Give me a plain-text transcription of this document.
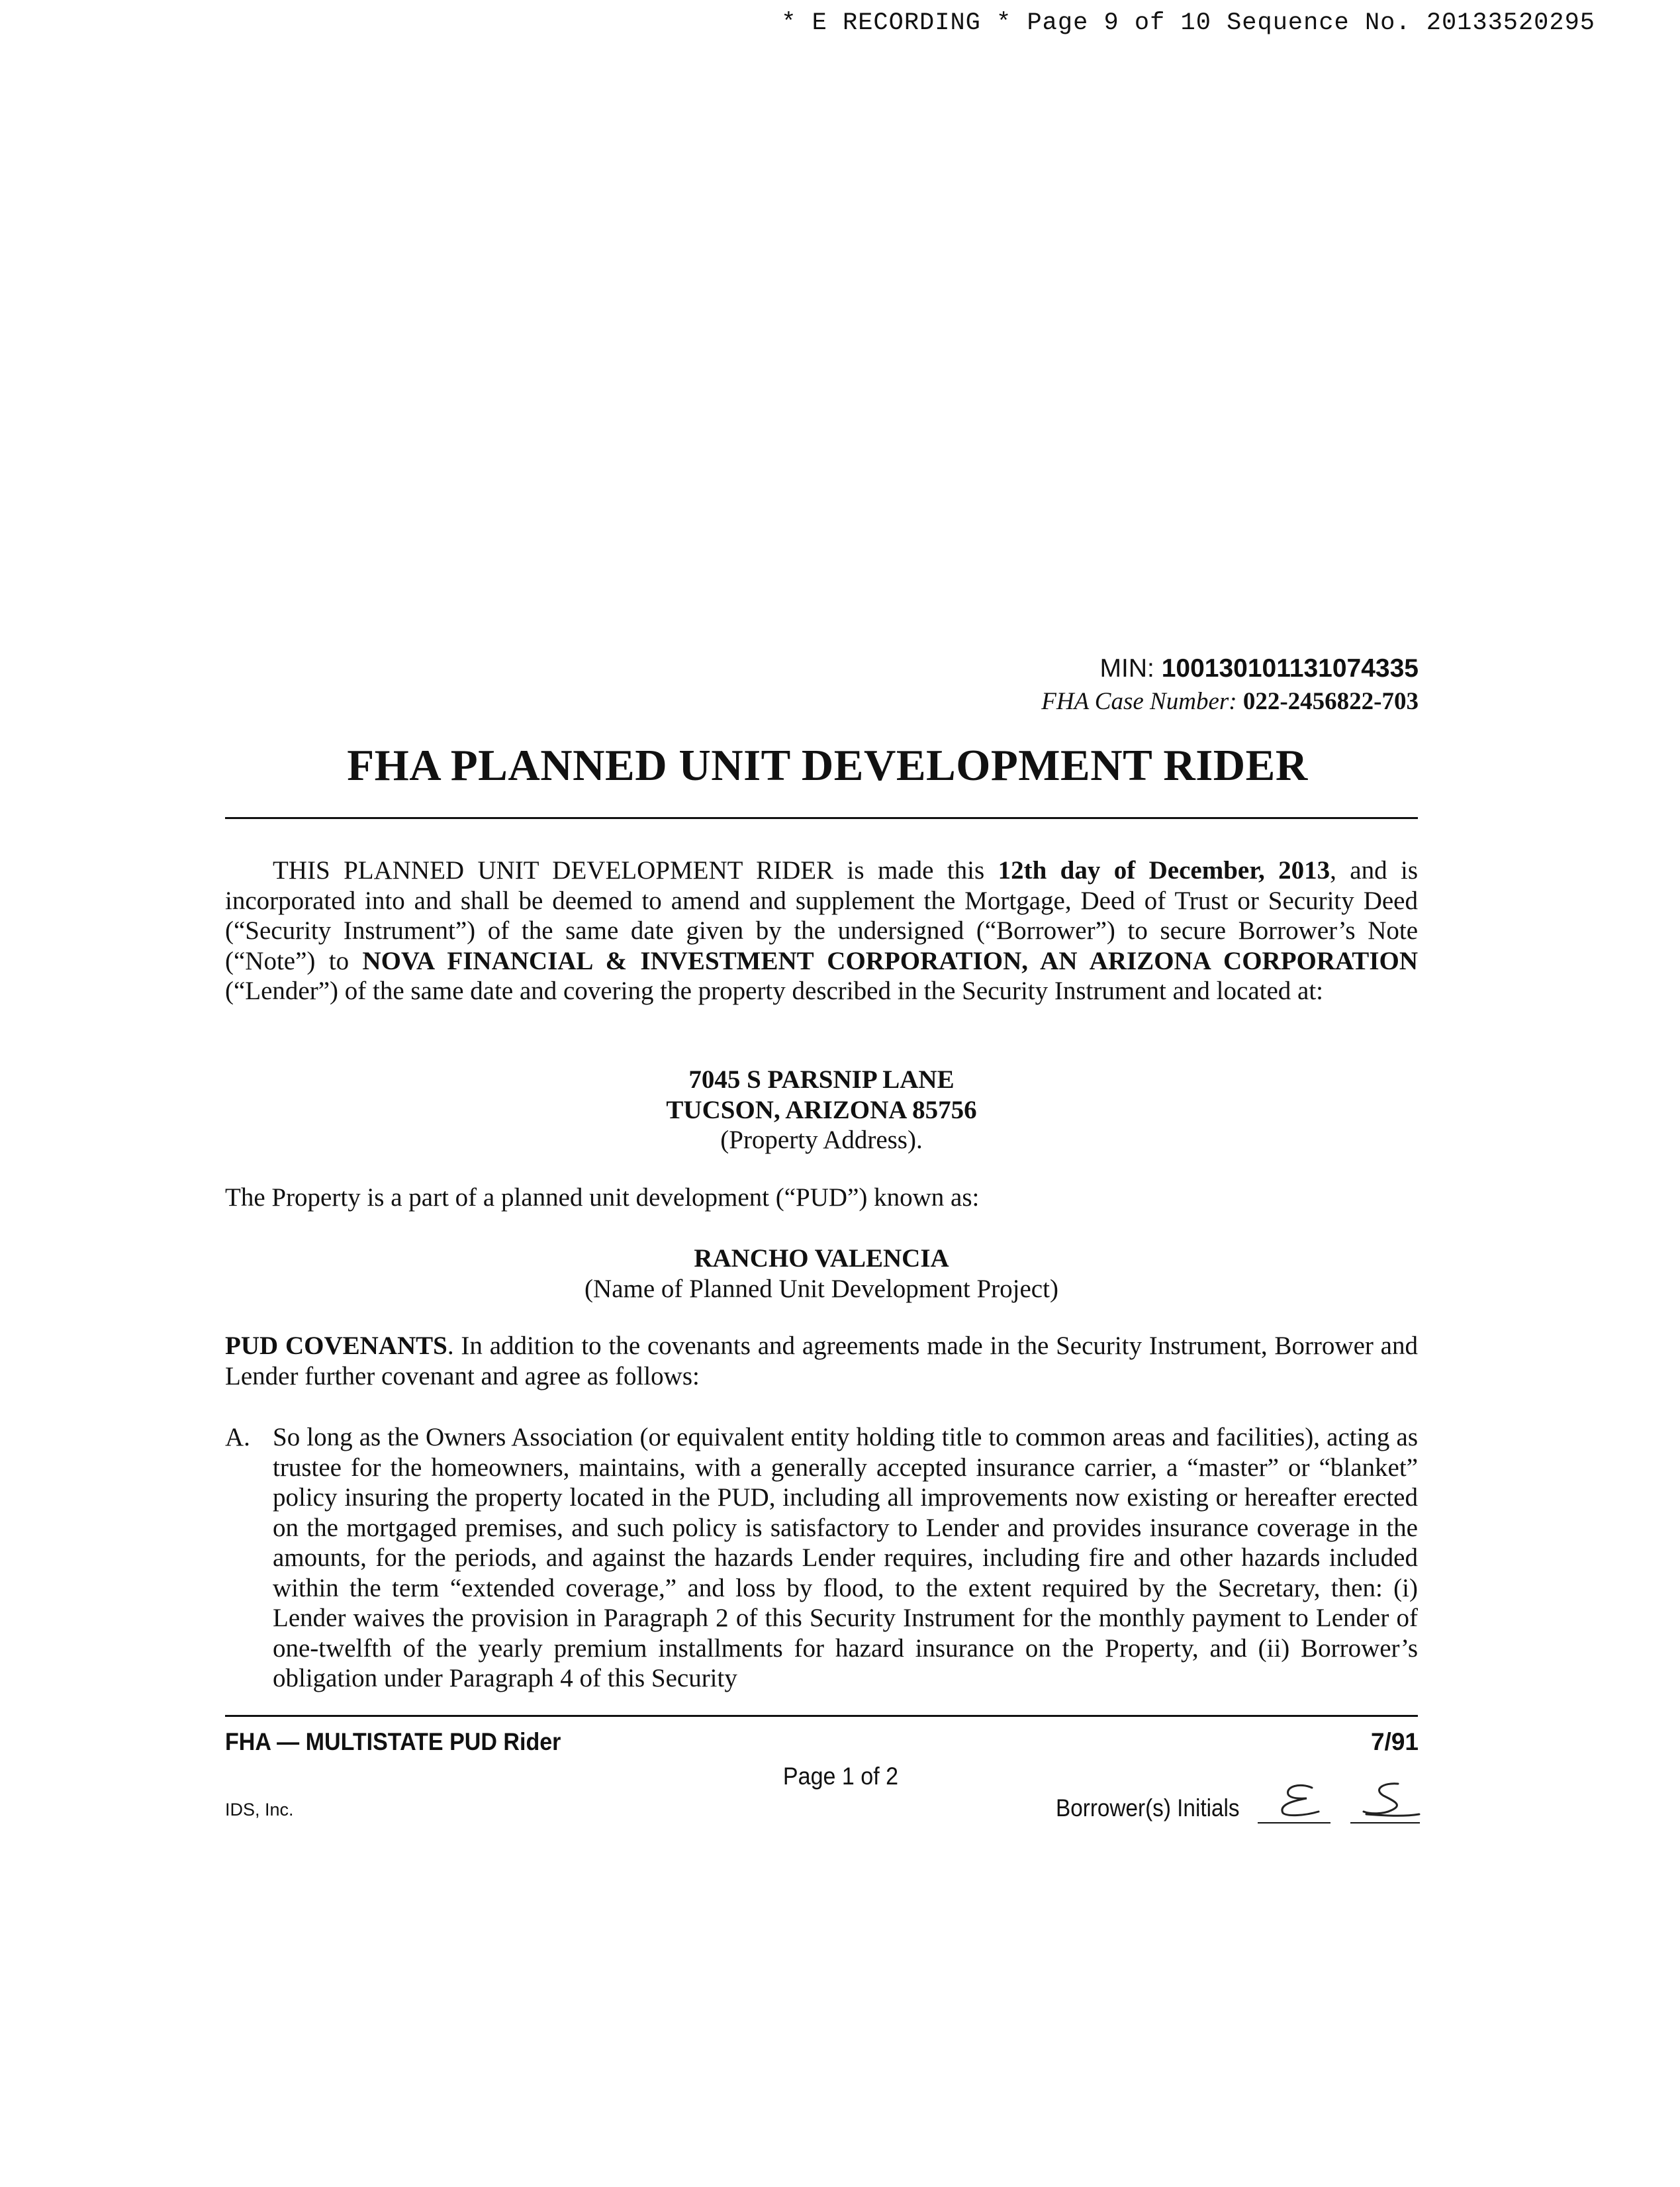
* E RECORDING * Page 9 of 10 Sequence No. 20133520295
MIN: 100130101131074335
FHA Case Number: 022-2456822-703
FHA PLANNED UNIT DEVELOPMENT RIDER
THIS PLANNED UNIT DEVELOPMENT RIDER is made this 12th day of December, 2013, and is incorporated into and shall be deemed to amend and supplement the Mortgage, Deed of Trust or Security Deed (“Security Instrument”) of the same date given by the undersigned (“Borrower”) to secure Borrower’s Note (“Note”) to NOVA FINANCIAL & INVESTMENT CORPORATION, AN ARIZONA CORPORATION (“Lender”) of the same date and covering the property described in the Security Instrument and located at:
7045 S PARSNIP LANE
TUCSON, ARIZONA 85756
(Property Address).
The Property is a part of a planned unit development (“PUD”) known as:
RANCHO VALENCIA
(Name of Planned Unit Development Project)
PUD COVENANTS. In addition to the covenants and agreements made in the Security Instrument, Borrower and Lender further covenant and agree as follows:
A. So long as the Owners Association (or equivalent entity holding title to common areas and facilities), acting as trustee for the homeowners, maintains, with a generally accepted insurance carrier, a “master” or “blanket” policy insuring the property located in the PUD, including all improvements now existing or hereafter erected on the mortgaged premises, and such policy is satisfactory to Lender and provides insurance coverage in the amounts, for the periods, and against the hazards Lender requires, including fire and other hazards included within the term “extended coverage,” and loss by flood, to the extent required by the Secretary, then: (i) Lender waives the provision in Paragraph 2 of this Security Instrument for the monthly payment to Lender of one-twelfth of the yearly premium installments for hazard insurance on the Property, and (ii) Borrower’s obligation under Paragraph 4 of this Security
FHA — MULTISTATE PUD Rider	7/91
Page 1 of 2
IDS, Inc.	Borrower(s) Initials
